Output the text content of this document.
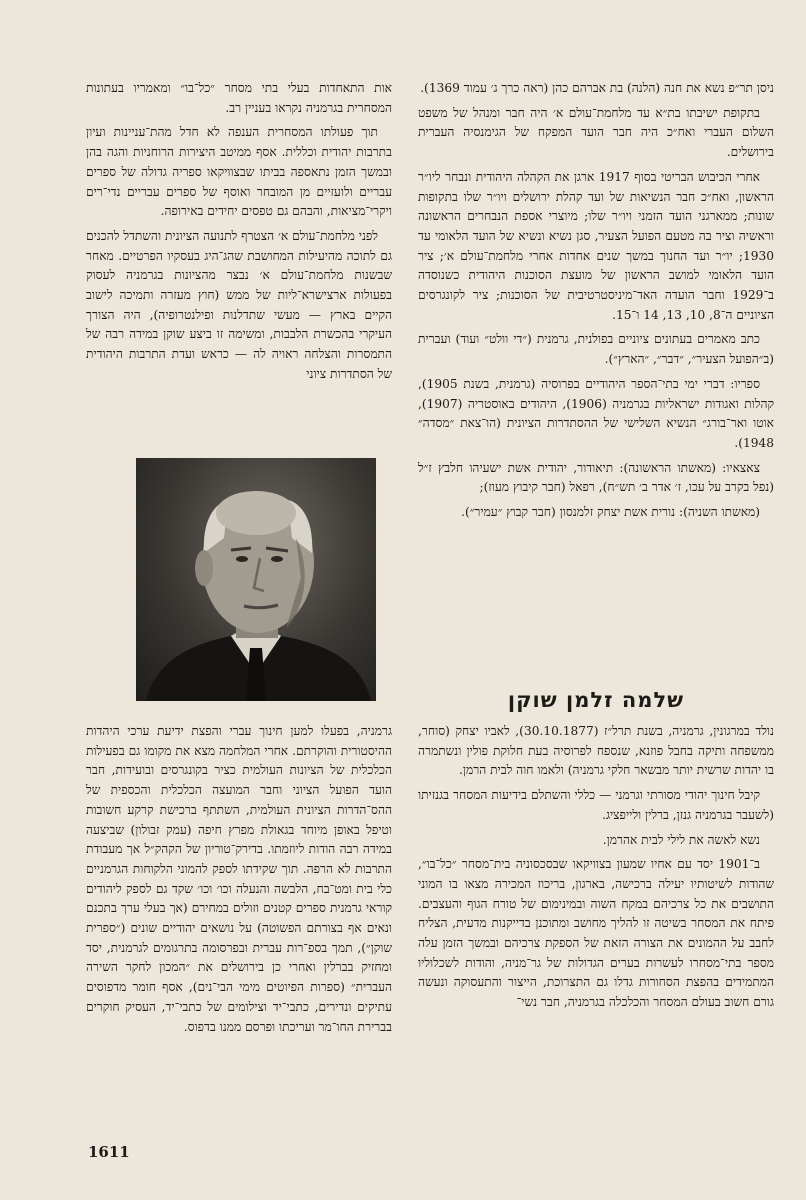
ניסן תר״פ נשא את חנה (הלנה) בת אברהם כהן (ראה כרך ג׳ עמוד 1369).

בתקופת ישיבתו בת״א עד מלחמת־עולם א׳ היה חבר ומנהל של משפט השלום העברי ואח״כ היה חבר הועד המפקח של הגימנסיה העברית בירושלים.

אחרי הכיבוש הבריטי בסוף 1917 ארגן את הקהלה היהודית ונבחר ליו״ר הראשון, ואח״כ חבר הנשיאות של ועד קהלת ירושלים ויו״ר שלו בתקופות שונות; ממארגני הועד הזמני ויו״ר שלו; מיוצרי אספת הנבחרים הראשונה וראשיה וציר בה מטעם הפועל הצעיר, סגן נשיא ונשיא של הועד הלאומי עד 1930; יו״ר ועד החנוך במשך שנים אחדות אחרי מלחמת־עולם א׳; ציר הועד הלאומי למושב הראשון של מועצת הסוכנות היהודית כשנוסדה ב־1929 וחבר הועדה האד־מיניסטרטיבית של הסוכנות; ציר לקונגרסים הציוניים ה־8, 10, 13, 14 ו־15.

כתב מאמרים בעתונים ציוניים בפולנית, גרמנית (״די וולט״ ועוד) ועברית (ב״הפועל הצעיר״, ״דבר״, ״הארץ״).

ספריו: דברי ימי בתי־הספר היהודיים בפרוסיה (גרמנית, בשנת 1905), קהלות ואגודות ישראליות בגרמניה (1906), היהודים באוסטריה (1907), אוטו ואר־בורג״ הנשיא השלישי של ההסתדרות הציונית (הו־צאת ״מסדה״ 1948).

צאצאיו: (מאשתו הראשונה): תיאודור, יהודית אשת ישעיהו חלבץ ז״ל (נפל בקרב על עכו, ז׳ אדר ב׳ תש״ח), רפאל (חבר קיבוץ מעוז);

(מאשתו השניה): נורית אשת יצחק זלמנסון (חבר קבוץ ״עמיר״).

שלמה זלמן שוקן

נולד במרגונין, גרמניה, בשנת תרל״ז (30.10.1877), לאביו יצחק (סוחר, ממשפחה ותיקה בחבל פוזנא, שנספח לפרוסיה בעת חלוקת פולין ונשתמרה בו יהדות שרשית יותר מבשאר חלקי גרמניה) ולאמו חוה לבית הרמן.

קיבל חינוך יהודי מסורתי וגרמני — כללי והשתלם בידיעות המסחר בגנזיתו (לשעבר בגרמניה גנזן, ברלין ולייפציג.

נשא לאשה את לילי לבית אהרמן.

ב־1901 יסד עם אחיו שמעון בצוויקאו שבסכסוניה בית־מסחר ״כל־בו״, שהודות לשיטותיו יעילה ברכישה, בארגון, בריכוז המכירה מצאו בו המוני התושבים את כל צרכיהם במקח השוה ובמינימום של טורח הגוף והעצבים. פיתח את המסחר בשיטה זו להליך מחושב ומתוכנן בדייקנות מדעית, הצליח לחבב על ההמונים את הצורה הזאת של הספקת צרכיהם ובמשך הזמן עלה מספר בתי־מסחרו לעשרות בערים הגדולות של גר־מניה, והודות לשכלוליו המתמידים בהפצת הסחורות גדלו גם התצרוכת, הייצור והתעסוקה ונעשה גורם חשוב בעולם המסחר והכלכלה בגרמניה, חבר נשי־

אות התאחדות בעלי בתי מסחר ״כל־בו״ ומאמריו בעתונות המסחרית בגרמניה נקראו בעניין רב.

תוך פעולתו המסחרית הענפה לא חדל מהת־עניינות ועיון בתרבות יהודית וכללית. אסף ממיטב היצירות הרוחניות והגה בהן ובמשך הזמן נתאספה בביתו שבצוויקאו ספריה גדולה של ספרים עבריים ולועזיים מן המובחר ואוסף של ספרים עבריים נדי־רים ויקרי־מציאות, והבהם גם טפסים יחידים באירופה.

לפני מלחמת־עולם א׳ הצטרף לתנועה הציונית והשתדל להכנים גם לתוכה מהיעילות המחושבת שהג־היג בעסקיו הפרטיים. מאחר שבשנות מלחמת־עולם א׳ נבצר מהציונות בגרמניה לעסוק בפעולות ארצישרא־ליות של ממש (חוץ מעזרה ותמיכה לישוב הקיים בארץ — מעשי שתדלנות ופילנטרופיה), היה הצורך העיקרי בהכשרת הלבבות, ומשימה זו ביצע שוקן במידה רבה של התמסרות והצלחה ראויה לה — כראש ועדת התרבות היהודית של הסתדרות ציוני

גרמניה, בפעלו למען חינוך עברי והפצת ידיעת ערכי היהדות ההיסטורית והוקרתם. אחרי המלחמה מצא את מקומו גם בפעילות הכלכלית של הציונות העולמית כציר בקונגרסים ובועידות, חבר הועד הפועל הציוני וחבר המועצה הכלכלית והכספית של ההס־הדרות הציונית העולמית, השתתף ברכישת קרקע חשובות וטיפל באופן מיוחד בגאולת מפרץ חיפה (עמק זבולון) שביצעה במידה רבה הודות ליוזמתו. בדירק־טוריון של הקהק״ל אך מעבודת התרבות לא הרפה. תוך שקידתו לספק להמוני הלקוחות הגרמניים כלי בית ומט־בח, הלבשה והנעלה וכו׳ וכו׳ שקד גם לספק ליהודים קוראי גרמנית ספרים קטנים וזולים במחירם (אך בעלי ערך בתכנם ונאים אף בצורתם הפשוטה) על נושאים יהודיים שונים (״ספרית שוקן״), תמך בספ־רות עברית ובפרסומה בתרגומים לגרמנית, יסד ומחזיק בברלין ואחרי כן בירושלים את ״המכון לחקר השירה העברית״ (ספרות הפיוטים מימי הבי־נים), אסף חומר מדפוסים עתיקים ונדירים, כתבי־יד וצילומים של כתבי־יד, העסיק חוקרים בברירת החו־מר ועריכתו ופרסם ממנו בדפוס.

1611
